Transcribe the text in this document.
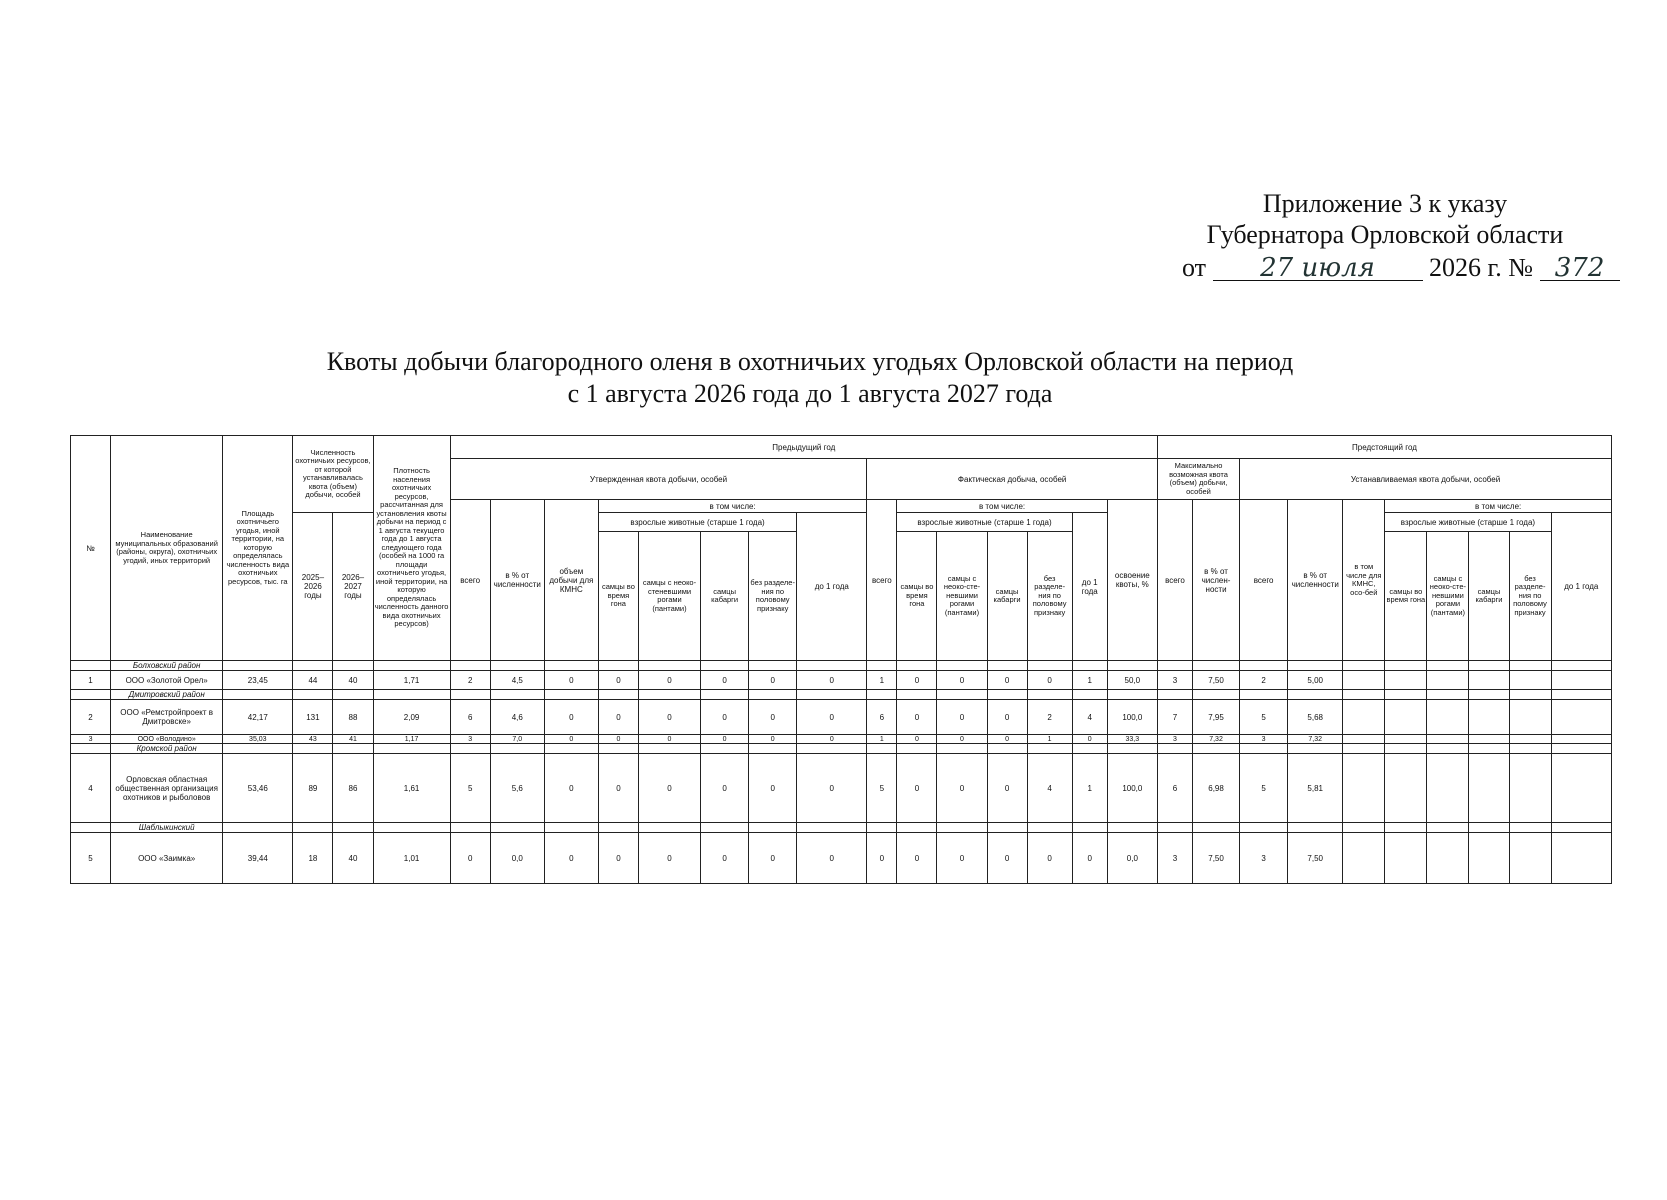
Приложение 3 к указу
Губернатора Орловской области
от 27 июля 2026 г. № 372
Квоты добычи благородного оленя в охотничьих угодьях Орловской области на период
с 1 августа 2026 года до 1 августа 2027 года
№	Наименование муниципальных образований (районы, округа), охотничьих угодий, иных территорий	Площадь охотничьего угодья, иной территории, на которую определялась численность вида охотничьих ресурсов, тыс. га	Численность охотничьих ресурсов, от которой устанавливалась квота (объем) добычи, особей		Плотность населения охотничьих ресурсов, рассчитанная для установления квоты добычи на период с 1 августа текущего года до 1 августа следующего года (особей на 1000 га площади охотничьего угодья, иной территории, на которую определялась численность данного вида охотничьих ресурсов)	Предыдущий год															Предстоящий год									
						Утвержденная квота добычи, особей								Фактическая добыча, особей							Максимально возможная квота (объем) добычи, особей		Устанавливаемая квота добычи, особей							
						всего	в % от численности	объем добычи для КМНС	в том числе:					всего	в том числе:					освоение квоты, %	всего	в % от числен-ности	всего	в % от численности	в том числе для КМНС, осо-бей	в том числе:				
			2025–2026 годы	2026–2027 годы					взрослые животные (старше 1 года)				до 1 года		взрослые животные (старше 1 года)				до 1 года							взрослые животные (старше 1 года)				до 1 года
									самцы во время гона	самцы с неоко-стеневшими рогами (пантами)	самцы кабарги	без разделе-ния по половому признаку			самцы во время гона	самцы с неоко-сте-невшими рогами (пантами)	самцы кабарги	без разделе-ния по половому признаку								самцы во время гона	самцы с неоко-сте-невшими рогами (пантами)	самцы кабарги	без разделе-ния по половому признаку	
	Болховский район																													
1	ООО «Золотой Орел»	23,45	44	40	1,71	2	4,5	0	0	0	0	0	0	1	0	0	0	0	1	50,0	3	7,50	2	5,00						
	Дмитровский район																													
2	ООО «Ремстройпроект в Дмитровске»	42,17	131	88	2,09	6	4,6	0	0	0	0	0	0	6	0	0	0	2	4	100,0	7	7,95	5	5,68						
3	ООО «Володино»	35,03	43	41	1,17	3	7,0	0	0	0	0	0	0	1	0	0	0	1	0	33,3	3	7,32	3	7,32						
	Кромской район																													
4	Орловская областная общественная организация охотников и рыболовов	53,46	89	86	1,61	5	5,6	0	0	0	0	0	0	5	0	0	0	4	1	100,0	6	6,98	5	5,81						
	Шаблыкинский																													
5	ООО «Заимка»	39,44	18	40	1,01	0	0,0	0	0	0	0	0	0	0	0	0	0	0	0	0,0	3	7,50	3	7,50						
